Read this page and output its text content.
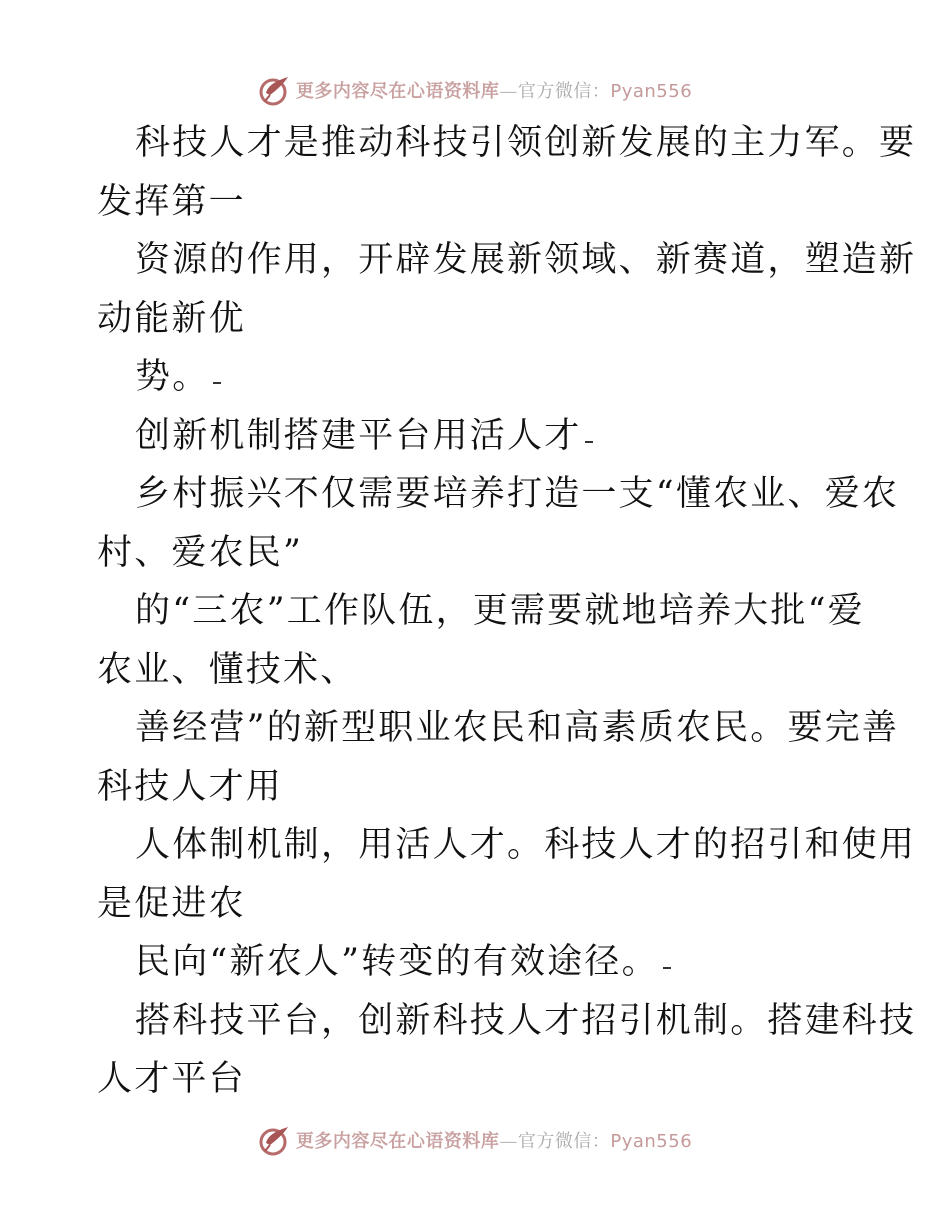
更多内容尽在心语资料库—官方微信：Pyan556

科技人才是推动科技引领创新发展的主力军。要
发挥第一

资源的作用，开辟发展新领域、新赛道，塑造新
动能新优

势。

创新机制搭建平台用活人才

乡村振兴不仅需要培养打造一支“懂农业、爱农
村、爱农民”

的“三农”工作队伍，更需要就地培养大批“爱
农业、懂技术、

善经营”的新型职业农民和高素质农民。要完善
科技人才用

人体制机制，用活人才。科技人才的招引和使用
是促进农

民向“新农人”转变的有效途径。

搭科技平台，创新科技人才招引机制。搭建科技
人才平台

更多内容尽在心语资料库—官方微信：Pyan556
